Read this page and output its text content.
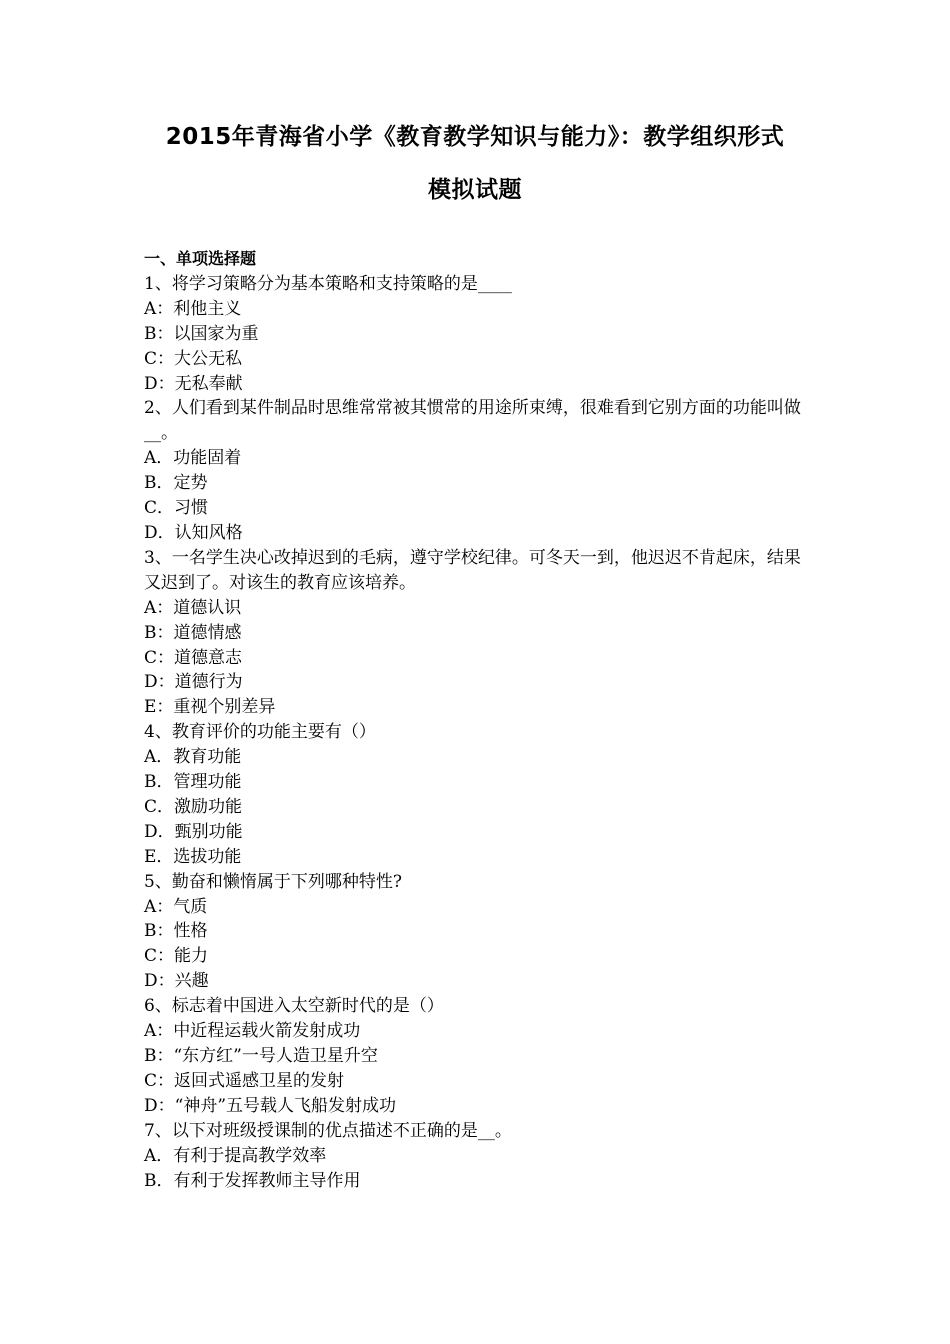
2015年青海省小学《教育教学知识与能力》：教学组织形式
模拟试题
一、单项选择题

1、将学习策略分为基本策略和支持策略的是____

A：利他主义

B：以国家为重

C：大公无私

D：无私奉献

2、人们看到某件制品时思维常常被其惯常的用途所束缚，很难看到它别方面的功能叫做__。

A．功能固着

B．定势

C．习惯

D．认知风格

3、一名学生决心改掉迟到的毛病，遵守学校纪律。可冬天一到，他迟迟不肯起床，结果又迟到了。对该生的教育应该培养。

A：道德认识

B：道德情感

C：道德意志

D：道德行为

E：重视个别差异

4、教育评价的功能主要有（）

A．教育功能

B．管理功能

C．激励功能

D．甄别功能

E．选拔功能

5、勤奋和懒惰属于下列哪种特性?

A：气质

B：性格

C：能力

D：兴趣

6、标志着中国进入太空新时代的是（）

A：中近程运载火箭发射成功

B：“东方红”一号人造卫星升空

C：返回式遥感卫星的发射

D：“神舟”五号载人飞船发射成功

7、以下对班级授课制的优点描述不正确的是__。

A．有利于提高教学效率

B．有利于发挥教师主导作用
